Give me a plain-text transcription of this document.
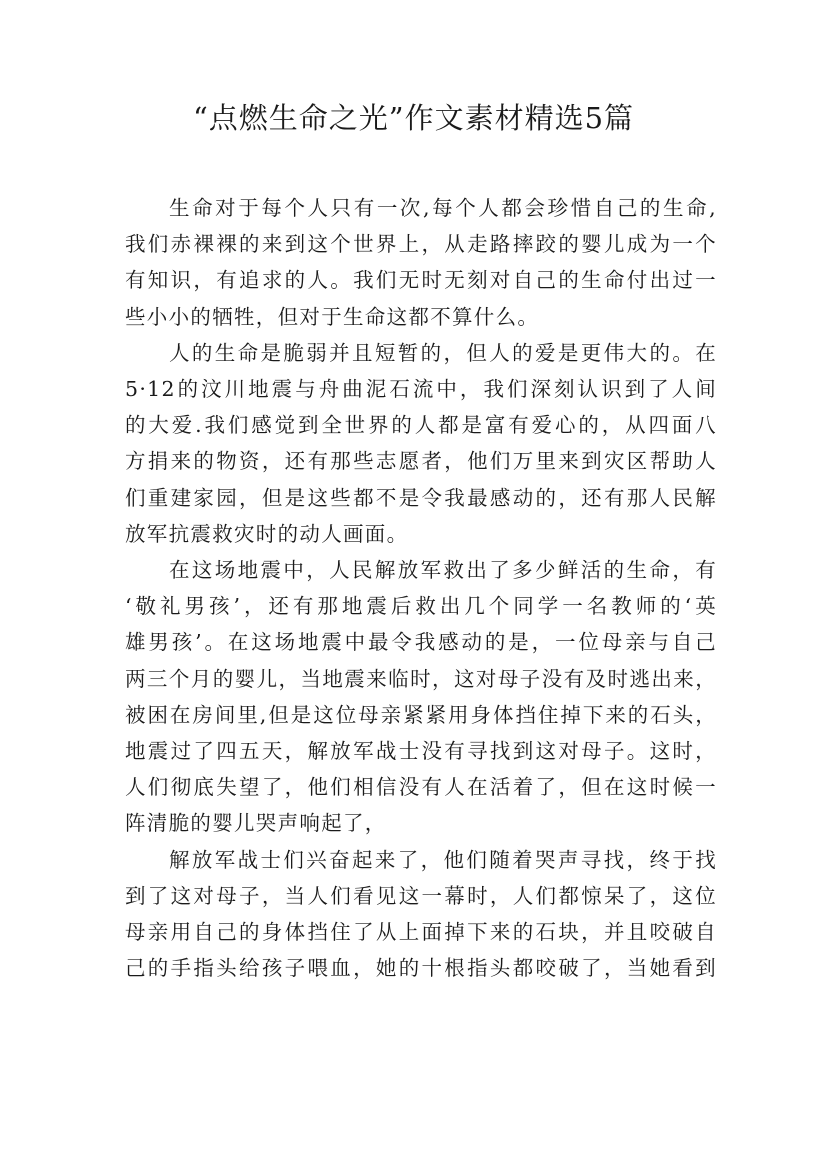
“点燃生命之光”作文素材精选5篇

生命对于每个人只有一次,每个人都会珍惜自己的生命,
我们赤裸裸的来到这个世界上，从走路摔跤的婴儿成为一个
有知识，有追求的人。我们无时无刻对自己的生命付出过一
些小小的牺牲，但对于生命这都不算什么。

人的生命是脆弱并且短暂的，但人的爱是更伟大的。在
5·12的汶川地震与舟曲泥石流中，我们深刻认识到了人间
的大爱.我们感觉到全世界的人都是富有爱心的，从四面八
方捐来的物资，还有那些志愿者，他们万里来到灾区帮助人
们重建家园，但是这些都不是令我最感动的，还有那人民解
放军抗震救灾时的动人画面。

在这场地震中，人民解放军救出了多少鲜活的生命，有
‘敬礼男孩’，还有那地震后救出几个同学一名教师的‘英
雄男孩’。在这场地震中最令我感动的是，一位母亲与自己
两三个月的婴儿，当地震来临时，这对母子没有及时逃出来，
被困在房间里,但是这位母亲紧紧用身体挡住掉下来的石头，
地震过了四五天，解放军战士没有寻找到这对母子。这时，
人们彻底失望了，他们相信没有人在活着了，但在这时候一
阵清脆的婴儿哭声响起了，

解放军战士们兴奋起来了，他们随着哭声寻找，终于找
到了这对母子，当人们看见这一幕时，人们都惊呆了，这位
母亲用自己的身体挡住了从上面掉下来的石块，并且咬破自
己的手指头给孩子喂血，她的十根指头都咬破了，当她看到
